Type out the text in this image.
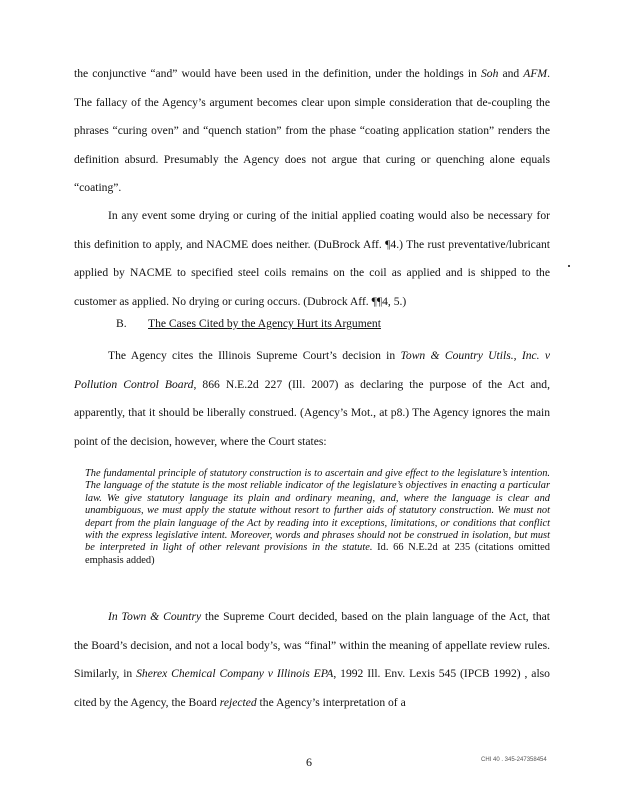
the conjunctive “and” would have been used in the definition, under the holdings in Soh and AFM. The fallacy of the Agency’s argument becomes clear upon simple consideration that de-coupling the phrases “curing oven” and “quench station” from the phase “coating application station” renders the definition absurd. Presumably the Agency does not argue that curing or quenching alone equals “coating”.

In any event some drying or curing of the initial applied coating would also be necessary for this definition to apply, and NACME does neither. (DuBrock Aff. ¶4.) The rust preventative/lubricant applied by NACME to specified steel coils remains on the coil as applied and is shipped to the customer as applied. No drying or curing occurs. (Dubrock Aff. ¶¶4, 5.)

B. The Cases Cited by the Agency Hurt its Argument

The Agency cites the Illinois Supreme Court’s decision in Town & Country Utils., Inc. v Pollution Control Board, 866 N.E.2d 227 (Ill. 2007) as declaring the purpose of the Act and, apparently, that it should be liberally construed. (Agency’s Mot., at p8.) The Agency ignores the main point of the decision, however, where the Court states:

The fundamental principle of statutory construction is to ascertain and give effect to the legislature’s intention. The language of the statute is the most reliable indicator of the legislature’s objectives in enacting a particular law. We give statutory language its plain and ordinary meaning, and, where the language is clear and unambiguous, we must apply the statute without resort to further aids of statutory construction. We must not depart from the plain language of the Act by reading into it exceptions, limitations, or conditions that conflict with the express legislative intent. Moreover, words and phrases should not be construed in isolation, but must be interpreted in light of other relevant provisions in the statute. Id. 66 N.E.2d at 235 (citations omitted emphasis added)

In Town & Country the Supreme Court decided, based on the plain language of the Act, that the Board’s decision, and not a local body’s, was “final” within the meaning of appellate review rules. Similarly, in Sherex Chemical Company v Illinois EPA, 1992 Ill. Env. Lexis 545 (IPCB 1992) , also cited by the Agency, the Board rejected the Agency’s interpretation of a

6	CHI 40 . 345-247358454
